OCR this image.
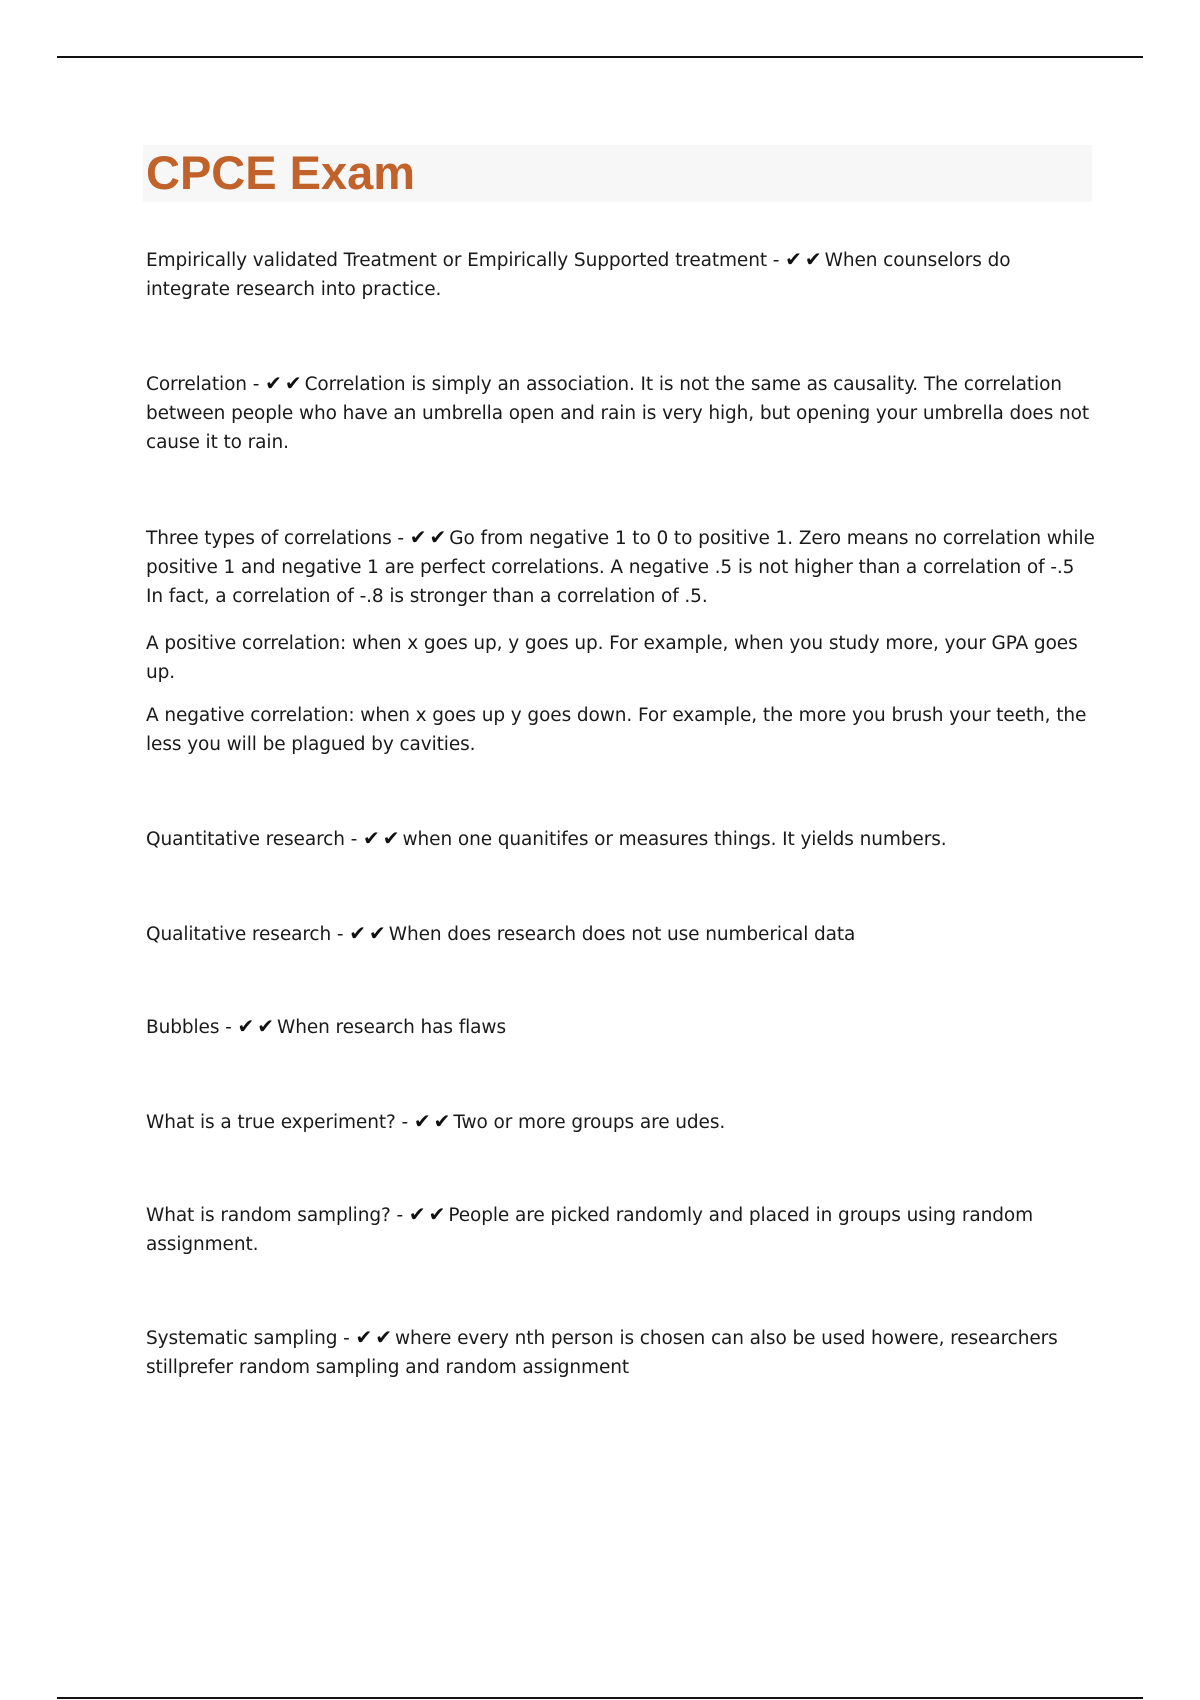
CPCE Exam

Empirically validated Treatment or Empirically Supported treatment - ✔✔When counselors do integrate research into practice.

Correlation - ✔✔Correlation is simply an association. It is not the same as causality. The correlation between people who have an umbrella open and rain is very high, but opening your umbrella does not cause it to rain.

Three types of correlations - ✔✔Go from negative 1 to 0 to positive 1. Zero means no correlation while positive 1 and negative 1 are perfect correlations. A negative .5 is not higher than a correlation of -.5 In fact, a correlation of -.8 is stronger than a correlation of .5.

A positive correlation: when x goes up, y goes up. For example, when you study more, your GPA goes up.

A negative correlation: when x goes up y goes down. For example, the more you brush your teeth, the less you will be plagued by cavities.

Quantitative research - ✔✔when one quanitifes or measures things. It yields numbers.

Qualitative research - ✔✔When does research does not use numberical data

Bubbles - ✔✔When research has flaws

What is a true experiment? - ✔✔Two or more groups are udes.

What is random sampling? - ✔✔People are picked randomly and placed in groups using random assignment.

Systematic sampling - ✔✔where every nth person is chosen can also be used howere, researchers stillprefer random sampling and random assignment
